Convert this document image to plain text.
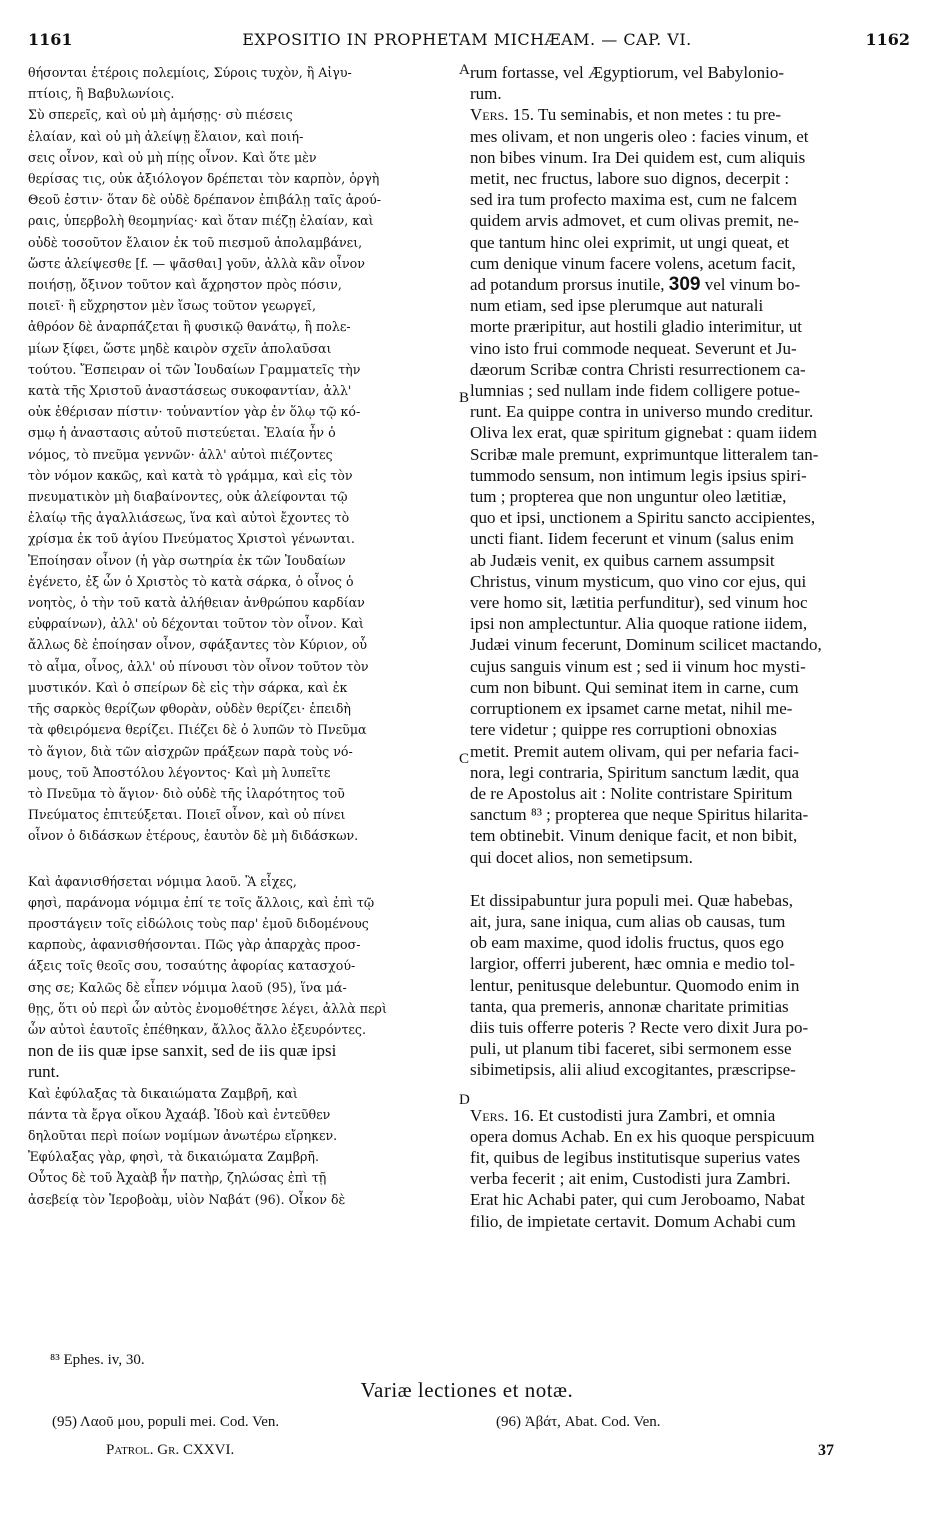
EXPOSITIO IN PROPHETAM MICHÆAM. — CAP. VI.
1161	1162

θήσονται ἑτέροις πολεμίοις, Σύροις τυχὸν, ἢ Αἰγυ-

πτίοις, ἢ Βαβυλωνίοις.

Σὺ σπερεῖς, καὶ οὐ μὴ ἀμήσῃς· σὺ πιέσεις

ἐλαίαν, καὶ οὐ μὴ ἀλείψῃ ἔλαιον, καὶ ποιή-

σεις οἶνον, καὶ οὐ μὴ πίῃς οἶνον. Καὶ ὅτε μὲν

θερίσας τις, οὐκ ἀξιόλογον δρέπεται τὸν καρπὸν, ὀργὴ

Θεοῦ ἐστιν· ὅταν δὲ οὐδὲ δρέπανον ἐπιβάλῃ ταῖς ἀρού-

ραις, ὑπερβολὴ θεομηνίας· καὶ ὅταν πιέζῃ ἐλαίαν, καὶ

οὐδὲ τοσοῦτον ἔλαιον ἐκ τοῦ πιεσμοῦ ἀπολαμβάνει,

ὥστε ἀλείψεσθε [f. — ψᾶσθαι] γοῦν, ἀλλὰ κἂν οἶνον

ποιήσῃ, ὄξινον τοῦτον καὶ ἄχρηστον πρὸς πόσιν,

ποιεῖ· ἢ εὔχρηστον μὲν ἴσως τοῦτον γεωργεῖ,

ἀθρόον δὲ ἀναρπάζεται ἢ φυσικῷ θανάτῳ, ἢ πολε-

μίων ξίφει, ὥστε μηδὲ καιρὸν σχεῖν ἀπολαῦσαι

τούτου. Ἔσπειραν οἱ τῶν Ἰουδαίων Γραμματεῖς τὴν

κατὰ τῆς Χριστοῦ ἀναστάσεως συκοφαντίαν, ἀλλ'

οὐκ ἐθέρισαν πίστιν· τοὐναντίον γὰρ ἐν ὅλῳ τῷ κό-

σμῳ ἡ ἀναστασις αὐτοῦ πιστεύεται. Ἐλαία ἦν ὁ

νόμος, τὸ πνεῦμα γεννῶν· ἀλλ' αὐτοὶ πιέζοντες

τὸν νόμον κακῶς, καὶ κατὰ τὸ γράμμα, καὶ εἰς τὸν

πνευματικὸν μὴ διαβαίνοντες, οὐκ ἀλείφονται τῷ

ἐλαίῳ τῆς ἀγαλλιάσεως, ἵνα καὶ αὐτοὶ ἔχοντες τὸ

χρίσμα ἐκ τοῦ ἁγίου Πνεύματος Χριστοὶ γένωνται.

Ἐποίησαν οἶνον (ἡ γὰρ σωτηρία ἐκ τῶν Ἰουδαίων

ἐγένετο, ἐξ ὧν ὁ Χριστὸς τὸ κατὰ σάρκα, ὁ οἶνος ὁ

νοητὸς, ὁ τὴν τοῦ κατὰ ἀλήθειαν ἀνθρώπου καρδίαν

εὐφραίνων), ἀλλ' οὐ δέχονται τοῦτον τὸν οἶνον. Καὶ

ἄλλως δὲ ἐποίησαν οἶνον, σφάξαντες τὸν Κύριον, οὗ

τὸ αἷμα, οἶνος, ἀλλ' οὐ πίνουσι τὸν οἶνον τοῦτον τὸν

μυστικόν. Καὶ ὁ σπείρων δὲ εἰς τὴν σάρκα, καὶ ἐκ

τῆς σαρκὸς θερίζων φθορὰν, οὐδὲν θερίζει· ἐπειδὴ

τὰ φθειρόμενα θερίζει. Πιέζει δὲ ὁ λυπῶν τὸ Πνεῦμα

τὸ ἅγιον, διὰ τῶν αἰσχρῶν πράξεων παρὰ τοὺς νό-

μους, τοῦ Ἀποστόλου λέγοντος· Καὶ μὴ λυπεῖτε

τὸ Πνεῦμα τὸ ἅγιον· διὸ οὐδὲ τῆς ἱλαρότητος τοῦ

Πνεύματος ἐπιτεύξεται. Ποιεῖ οἶνον, καὶ οὐ πίνει

οἶνον ὁ διδάσκων ἑτέρους, ἑαυτὸν δὲ μὴ διδάσκων.

Καὶ ἀφανισθήσεται νόμιμα λαοῦ. Ἃ εἶχες,

φησὶ, παράνομα νόμιμα ἐπί τε τοῖς ἄλλοις, καὶ ἐπὶ τῷ

προστάγειν τοῖς εἰδώλοις τοὺς παρ' ἐμοῦ διδομένους

καρποὺς, ἀφανισθήσονται. Πῶς γὰρ ἀπαρχὰς προσ-

άξεις τοῖς θεοῖς σου, τοσαύτης ἀφορίας κατασχού-

σης σε; Καλῶς δὲ εἶπεν νόμιμα λαοῦ (95), ἵνα μά-

θῃς, ὅτι οὐ περὶ ὧν αὐτὸς ἐνομοθέτησε λέγει, ἀλλὰ περὶ

ὧν αὐτοὶ ἑαυτοῖς ἐπέθηκαν, ἄλλος ἄλλο ἐξευρόντες.

non de iis quæ ipse sanxit, sed de iis quæ ipsi

runt.

Καὶ ἐφύλαξας τὰ δικαιώματα Ζαμβρῆ, καὶ

πάντα τὰ ἔργα οἴκου Ἀχαάβ. Ἰδοὺ καὶ ἐντεῦθεν

δηλοῦται περὶ ποίων νομίμων ἀνωτέρω εἴρηκεν.

Ἐφύλαξας γὰρ, φησὶ, τὰ δικαιώματα Ζαμβρῆ.

Οὗτος δὲ τοῦ Ἀχαὰβ ἦν πατὴρ, ζηλώσας ἐπὶ τῇ

ἀσεβείᾳ τὸν Ἱεροβοὰμ, υἱὸν Ναβάτ (96). Οἶκον δὲ

A
B
C
D

rum fortasse, vel Ægyptiorum, vel Babylonio-

rum.

Vers. 15. Tu seminabis, et non metes : tu pre-

mes olivam, et non ungeris oleo : facies vinum, et

non bibes vinum. Ira Dei quidem est, cum aliquis

metit, nec fructus, labore suo dignos, decerpit :

sed ira tum profecto maxima est, cum ne falcem

quidem arvis admovet, et cum olivas premit, ne-

que tantum hinc olei exprimit, ut ungi queat, et

cum denique vinum facere volens, acetum facit,

ad potandum prorsus inutile, 309 vel vinum bo-

num etiam, sed ipse plerumque aut naturali

morte præripitur, aut hostili gladio interimitur, ut

vino isto frui commode nequeat. Severunt et Ju-

dæorum Scribæ contra Christi resurrectionem ca-

lumnias ; sed nullam inde fidem colligere potue-

runt. Ea quippe contra in universo mundo creditur.

Oliva lex erat, quæ spiritum gignebat : quam iidem

Scribæ male premunt, exprimuntque litteralem tan-

tummodo sensum, non intimum legis ipsius spiri-

tum ; propterea que non unguntur oleo lætitiæ,

quo et ipsi, unctionem a Spiritu sancto accipientes,

uncti fiant. Iidem fecerunt et vinum (salus enim

ab Judæis venit, ex quibus carnem assumpsit

Christus, vinum mysticum, quo vino cor ejus, qui

vere homo sit, lætitia perfunditur), sed vinum hoc

ipsi non amplectuntur. Alia quoque ratione iidem,

Judæi vinum fecerunt, Dominum scilicet mactando,

cujus sanguis vinum est ; sed ii vinum hoc mysti-

cum non bibunt. Qui seminat item in carne, cum

corruptionem ex ipsamet carne metat, nihil me-

tere videtur ; quippe res corruptioni obnoxias

metit. Premit autem olivam, qui per nefaria faci-

nora, legi contraria, Spiritum sanctum lædit, qua

de re Apostolus ait : Nolite contristare Spiritum

sanctum ⁸³ ; propterea que neque Spiritus hilarita-

tem obtinebit. Vinum denique facit, et non bibit,

qui docet alios, non semetipsum.

Et dissipabuntur jura populi mei. Quæ habebas,

ait, jura, sane iniqua, cum alias ob causas, tum

ob eam maxime, quod idolis fructus, quos ego

largior, offerri juberent, hæc omnia e medio tol-

lentur, penitusque delebuntur. Quomodo enim in

tanta, qua premeris, annonæ charitate primitias

diis tuis offerre poteris ? Recte vero dixit Jura po-

puli, ut planum tibi faceret, sibi sermonem esse

sibimetipsis, alii aliud excogitantes, præscripse-

Vers. 16. Et custodisti jura Zambri, et omnia

opera domus Achab. En ex his quoque perspicuum

fit, quibus de legibus institutisque superius vates

verba fecerit ; ait enim, Custodisti jura Zambri.

Erat hic Achabi pater, qui cum Jeroboamo, Nabat

filio, de impietate certavit. Domum Achabi cum

⁸³ Ephes. iv, 30.
Variæ lectiones et notæ.
(95) Λαοῦ μου, populi mei. Cod. Ven.	(96) Ἀβάτ, Abat. Cod. Ven.
Patrol. Gr. CXXVI.	37
